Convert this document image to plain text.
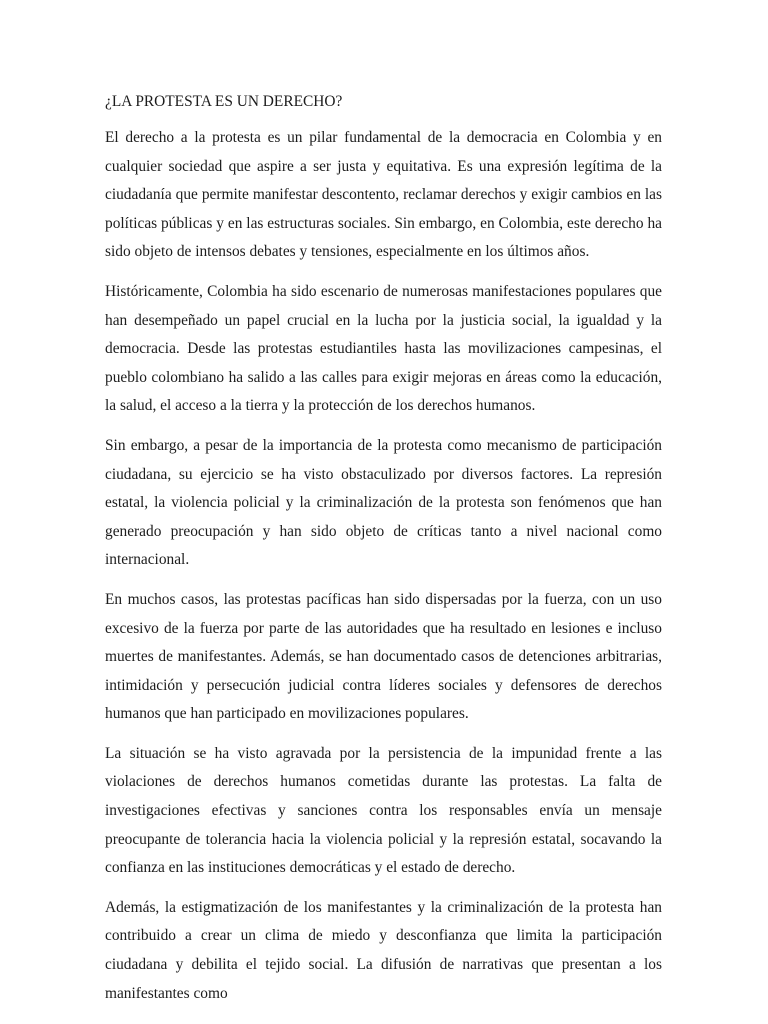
¿LA PROTESTA ES UN DERECHO?

El derecho a la protesta es un pilar fundamental de la democracia en Colombia y en cualquier sociedad que aspire a ser justa y equitativa. Es una expresión legítima de la ciudadanía que permite manifestar descontento, reclamar derechos y exigir cambios en las políticas públicas y en las estructuras sociales. Sin embargo, en Colombia, este derecho ha sido objeto de intensos debates y tensiones, especialmente en los últimos años.

Históricamente, Colombia ha sido escenario de numerosas manifestaciones populares que han desempeñado un papel crucial en la lucha por la justicia social, la igualdad y la democracia. Desde las protestas estudiantiles hasta las movilizaciones campesinas, el pueblo colombiano ha salido a las calles para exigir mejoras en áreas como la educación, la salud, el acceso a la tierra y la protección de los derechos humanos.

Sin embargo, a pesar de la importancia de la protesta como mecanismo de participación ciudadana, su ejercicio se ha visto obstaculizado por diversos factores. La represión estatal, la violencia policial y la criminalización de la protesta son fenómenos que han generado preocupación y han sido objeto de críticas tanto a nivel nacional como internacional.

En muchos casos, las protestas pacíficas han sido dispersadas por la fuerza, con un uso excesivo de la fuerza por parte de las autoridades que ha resultado en lesiones e incluso muertes de manifestantes. Además, se han documentado casos de detenciones arbitrarias, intimidación y persecución judicial contra líderes sociales y defensores de derechos humanos que han participado en movilizaciones populares.

La situación se ha visto agravada por la persistencia de la impunidad frente a las violaciones de derechos humanos cometidas durante las protestas. La falta de investigaciones efectivas y sanciones contra los responsables envía un mensaje preocupante de tolerancia hacia la violencia policial y la represión estatal, socavando la confianza en las instituciones democráticas y el estado de derecho.

Además, la estigmatización de los manifestantes y la criminalización de la protesta han contribuido a crear un clima de miedo y desconfianza que limita la participación ciudadana y debilita el tejido social. La difusión de narrativas que presentan a los manifestantes como
